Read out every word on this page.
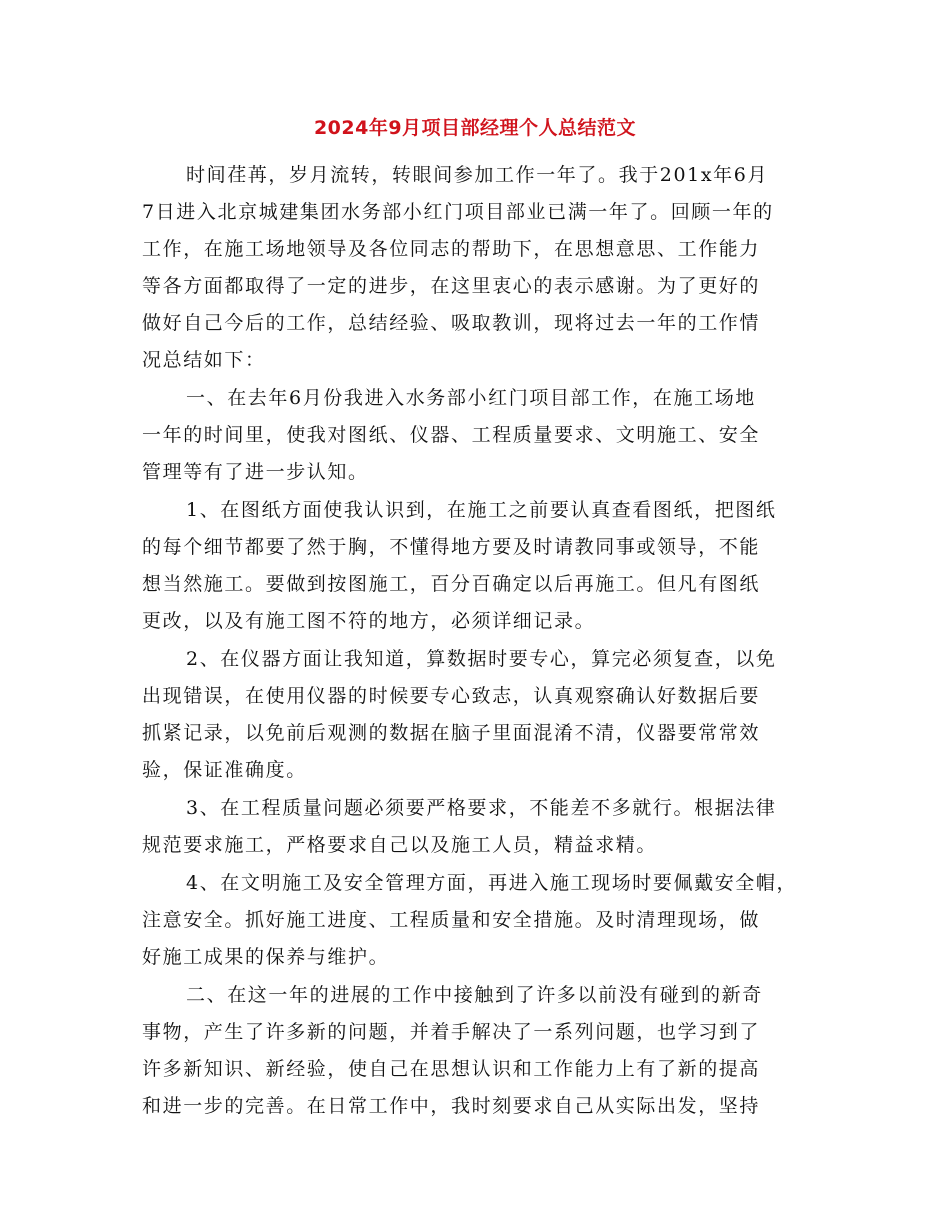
2024年9月项目部经理个人总结范文
时间荏苒，岁月流转，转眼间参加工作一年了。我于201x年6月
7日进入北京城建集团水务部小红门项目部业已满一年了。回顾一年的
工作，在施工场地领导及各位同志的帮助下，在思想意思、工作能力
等各方面都取得了一定的进步，在这里衷心的表示感谢。为了更好的
做好自己今后的工作，总结经验、吸取教训，现将过去一年的工作情
况总结如下：
一、在去年6月份我进入水务部小红门项目部工作，在施工场地
一年的时间里，使我对图纸、仪器、工程质量要求、文明施工、安全
管理等有了进一步认知。
1、在图纸方面使我认识到，在施工之前要认真查看图纸，把图纸
的每个细节都要了然于胸，不懂得地方要及时请教同事或领导，不能
想当然施工。要做到按图施工，百分百确定以后再施工。但凡有图纸
更改，以及有施工图不符的地方，必须详细记录。
2、在仪器方面让我知道，算数据时要专心，算完必须复查，以免
出现错误，在使用仪器的时候要专心致志，认真观察确认好数据后要
抓紧记录，以免前后观测的数据在脑子里面混淆不清，仪器要常常效
验，保证准确度。
3、在工程质量问题必须要严格要求，不能差不多就行。根据法律
规范要求施工，严格要求自己以及施工人员，精益求精。
4、在文明施工及安全管理方面，再进入施工现场时要佩戴安全帽，
注意安全。抓好施工进度、工程质量和安全措施。及时清理现场，做
好施工成果的保养与维护。
二、在这一年的进展的工作中接触到了许多以前没有碰到的新奇
事物，产生了许多新的问题，并着手解决了一系列问题，也学习到了
许多新知识、新经验，使自己在思想认识和工作能力上有了新的提高
和进一步的完善。在日常工作中，我时刻要求自己从实际出发，坚持
